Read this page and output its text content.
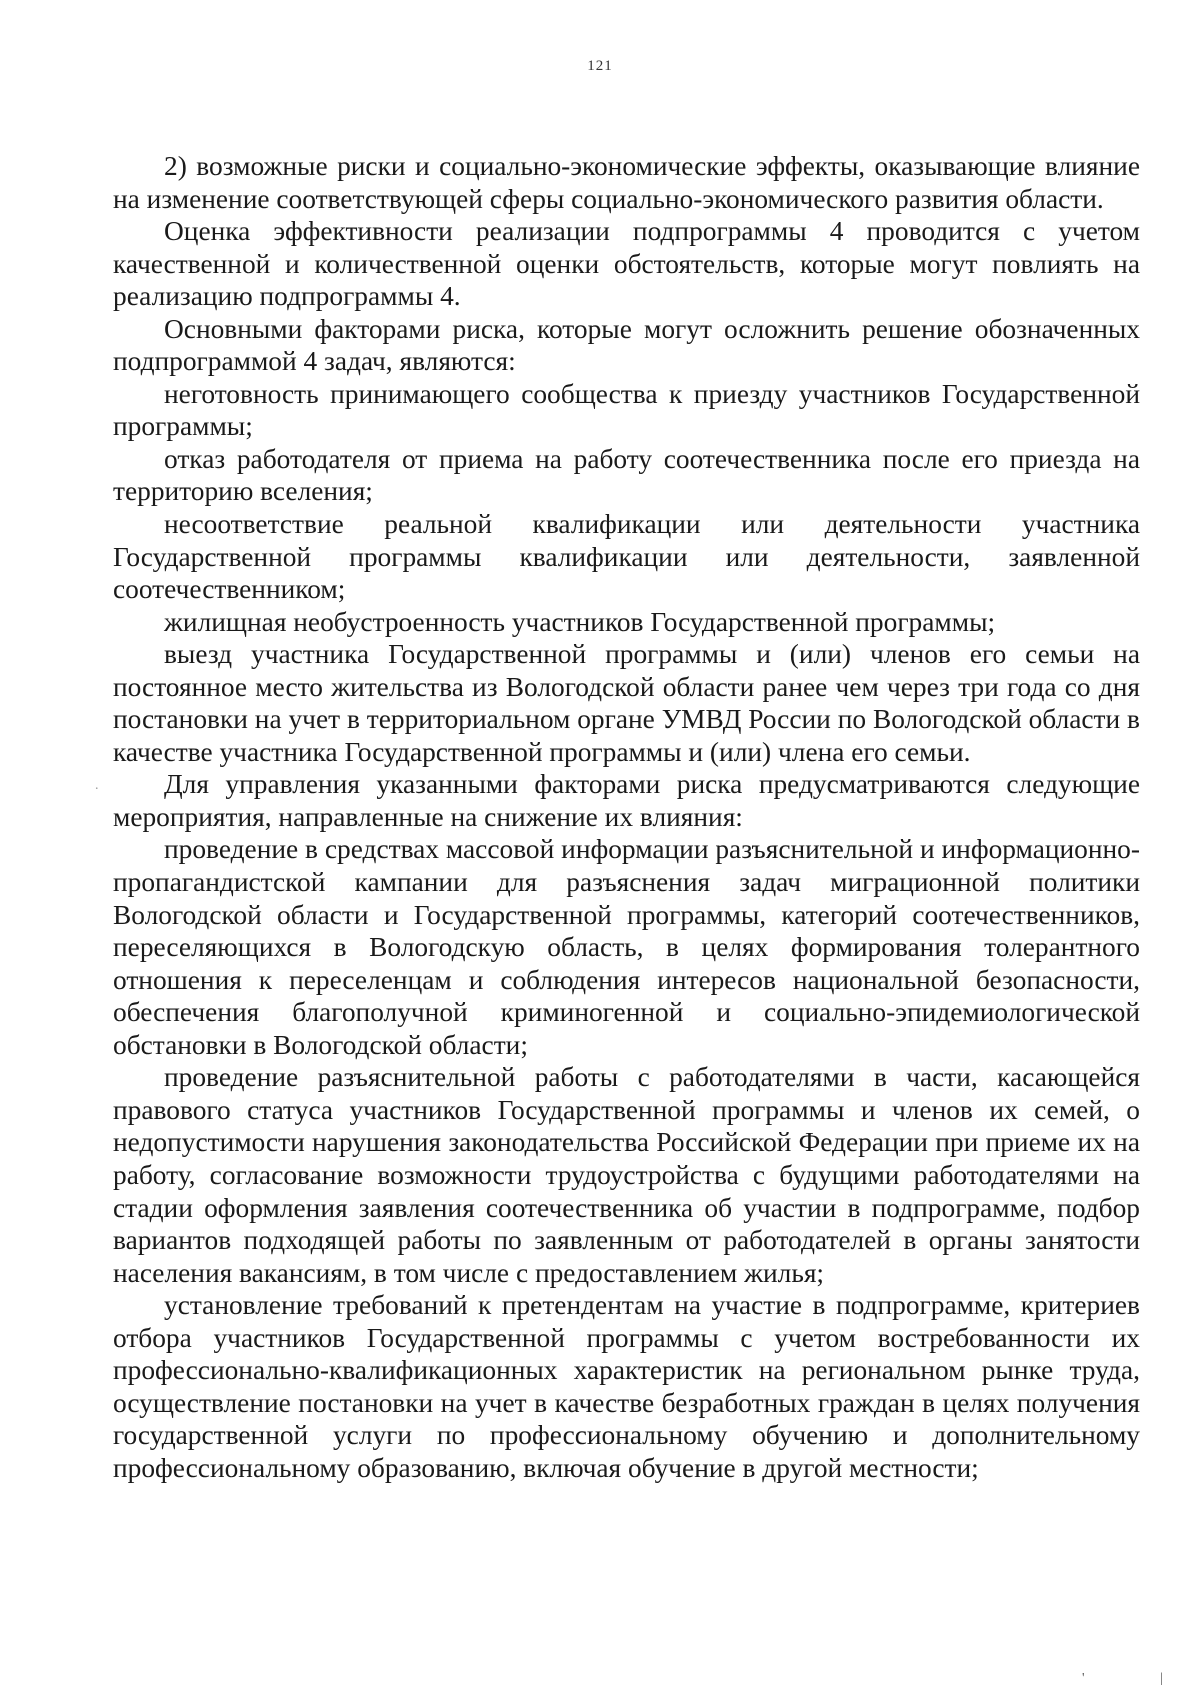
121

2) возможные риски и социально-экономические эффекты, оказывающие влияние на изменение соответствующей сферы социально-экономического развития области.

Оценка эффективности реализации подпрограммы 4 проводится с учетом качественной и количественной оценки обстоятельств, которые могут повлиять на реализацию подпрограммы 4.

Основными факторами риска, которые могут осложнить решение обозначенных подпрограммой 4 задач, являются:

неготовность принимающего сообщества к приезду участников Государственной программы;

отказ работодателя от приема на работу соотечественника после его приезда на территорию вселения;

несоответствие реальной квалификации или деятельности участника Государственной программы квалификации или деятельности, заявленной соотечественником;

жилищная необустроенность участников Государственной программы;

выезд участника Государственной программы и (или) членов его семьи на постоянное место жительства из Вологодской области ранее чем через три года со дня постановки на учет в территориальном органе УМВД России по Вологодской области в качестве участника Государственной программы и (или) члена его семьи.

Для управления указанными факторами риска предусматриваются следующие мероприятия, направленные на снижение их влияния:

проведение в средствах массовой информации разъяснительной и информационно-пропагандистской кампании для разъяснения задач миграционной политики Вологодской области и Государственной программы, категорий соотечественников, переселяющихся в Вологодскую область, в целях формирования толерантного отношения к переселенцам и соблюдения интересов национальной безопасности, обеспечения благополучной криминогенной и социально-эпидемиологической обстановки в Вологодской области;

проведение разъяснительной работы с работодателями в части, касающейся правового статуса участников Государственной программы и членов их семей, о недопустимости нарушения законодательства Российской Федерации при приеме их на работу, согласование возможности трудоустройства с будущими работодателями на стадии оформления заявления соотечественника об участии в подпрограмме, подбор вариантов подходящей работы по заявленным от работодателей в органы занятости населения вакансиям, в том числе с предоставлением жилья;

установление требований к претендентам на участие в подпрограмме, критериев отбора участников Государственной программы с учетом востребованности их профессионально-квалификационных характеристик на региональном рынке труда, осуществление постановки на учет в качестве безработных граждан в целях получения государственной услуги по профессиональному обучению и дополнительному профессиональному образованию, включая обучение в другой местности;

.
'	|
